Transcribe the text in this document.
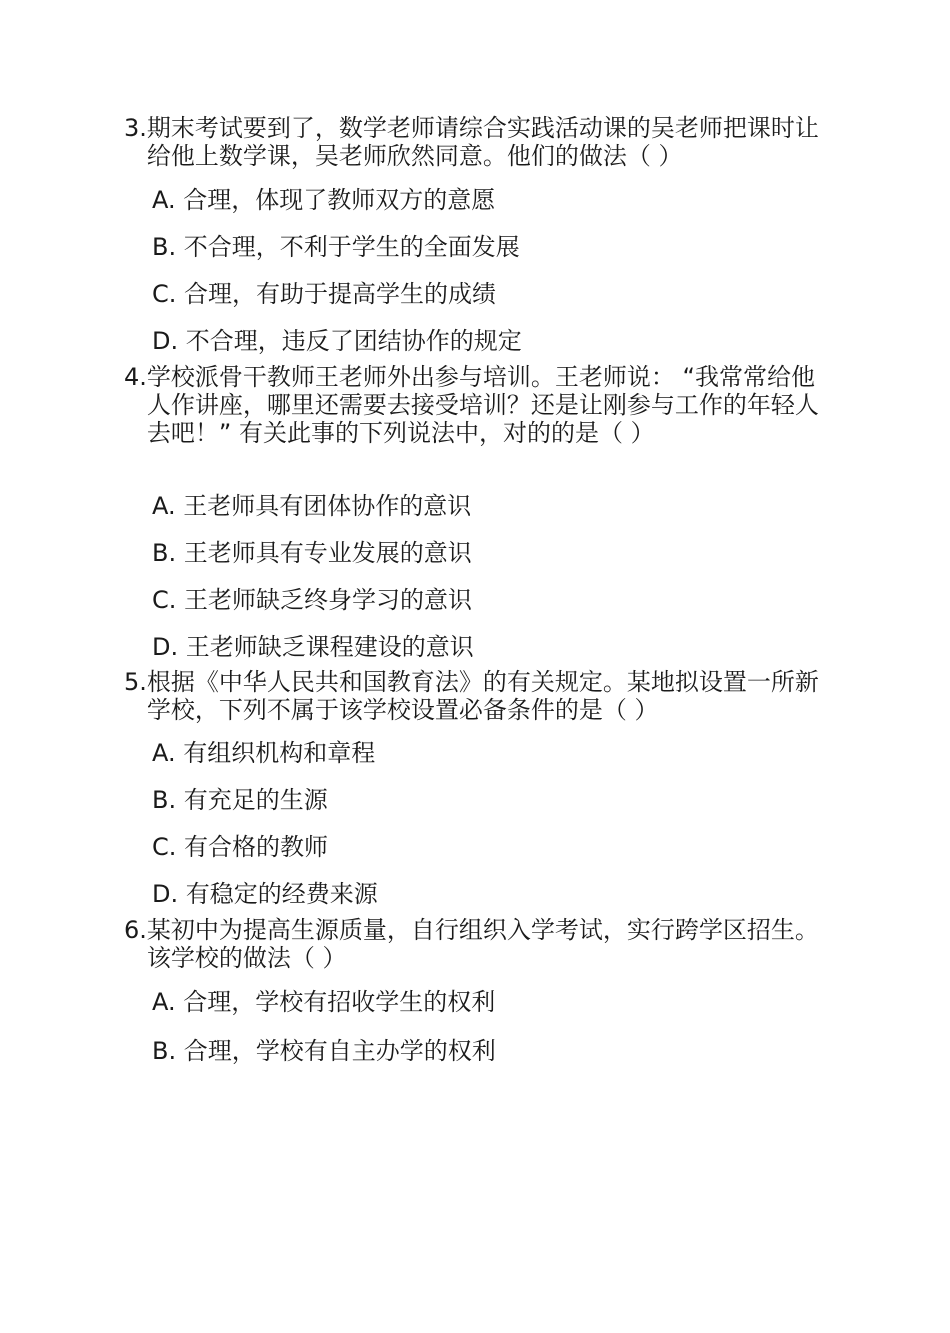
3. 期末考试要到了，数学老师请综合实践活动课的吴老师把课时让给他上数学课，吴老师欣然同意。他们的做法（ ）
A. 合理，体现了教师双方的意愿
B. 不合理，不利于学生的全面发展
C. 合理，有助于提高学生的成绩
D. 不合理，违反了团结协作的规定
4. 学校派骨干教师王老师外出参与培训。王老师说： “我常常给他人作讲座，哪里还需要去接受培训？还是让刚参与工作的年轻人去吧！” 有关此事的下列说法中，对的的是（ ）
A. 王老师具有团体协作的意识
B. 王老师具有专业发展的意识
C. 王老师缺乏终身学习的意识
D. 王老师缺乏课程建设的意识
5. 根据《中华人民共和国教育法》的有关规定。某地拟设置一所新学校，下列不属于该学校设置必备条件的是（ ）
A. 有组织机构和章程
B. 有充足的生源
C. 有合格的教师
D. 有稳定的经费来源
6. 某初中为提高生源质量，自行组织入学考试，实行跨学区招生。该学校的做法（ ）
A. 合理，学校有招收学生的权利
B. 合理，学校有自主办学的权利
